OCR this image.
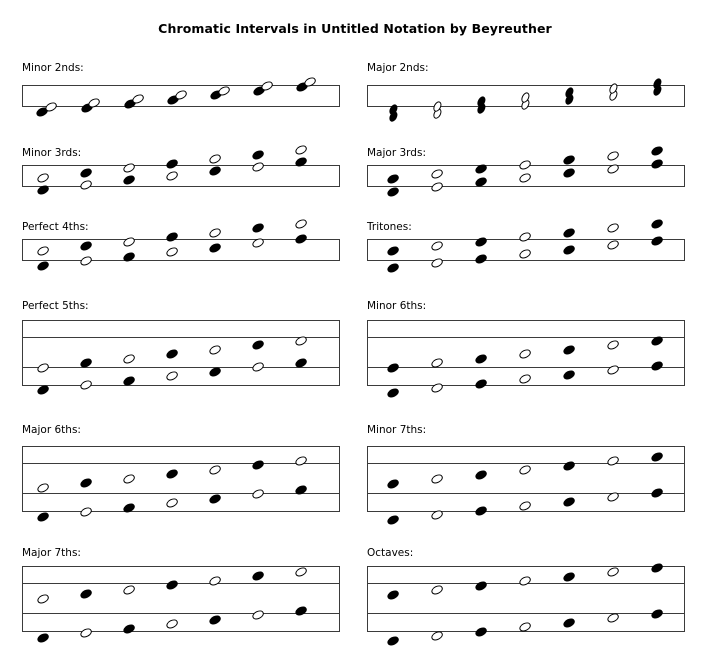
Chromatic Intervals in Untitled Notation by Beyreuther
Minor 2nds:	Major 2nds:
Minor 3rds:	Major 3rds:
Perfect 4ths:	Tritones:
Perfect 5ths:	Minor 6ths:
Major 6ths:	Minor 7ths:
Major 7ths:	Octaves:
